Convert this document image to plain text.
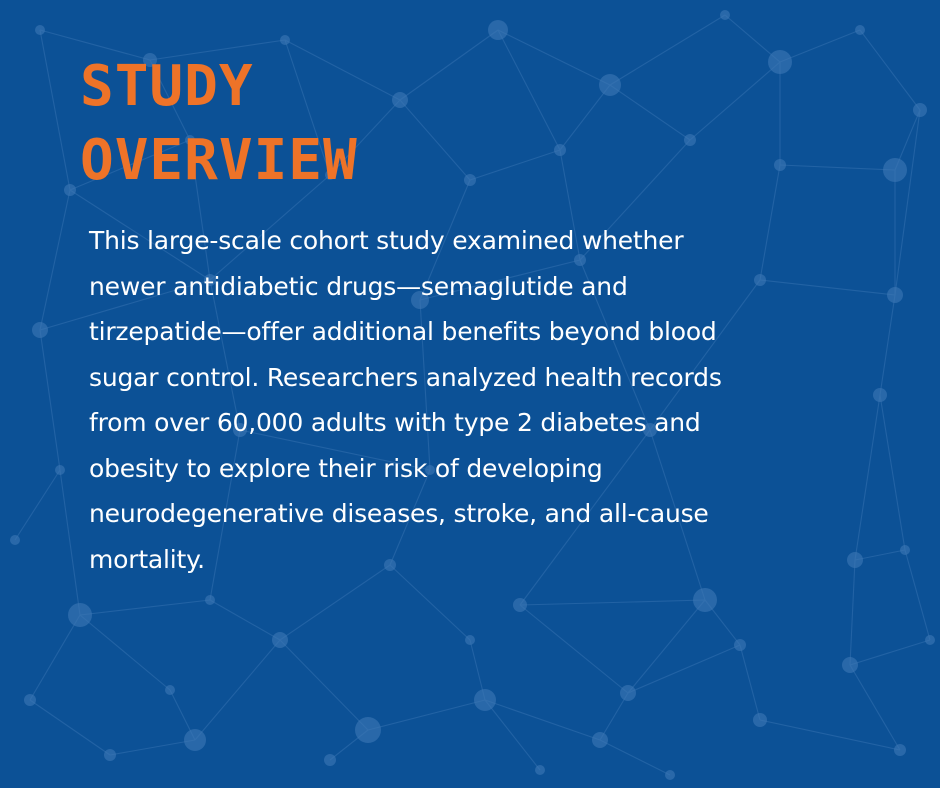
STUDY
OVERVIEW

This large-scale cohort study examined whether
newer antidiabetic drugs—semaglutide and
tirzepatide—offer additional benefits beyond blood
sugar control. Researchers analyzed health records
from over 60,000 adults with type 2 diabetes and
obesity to explore their risk of developing
neurodegenerative diseases, stroke, and all-cause
mortality.
